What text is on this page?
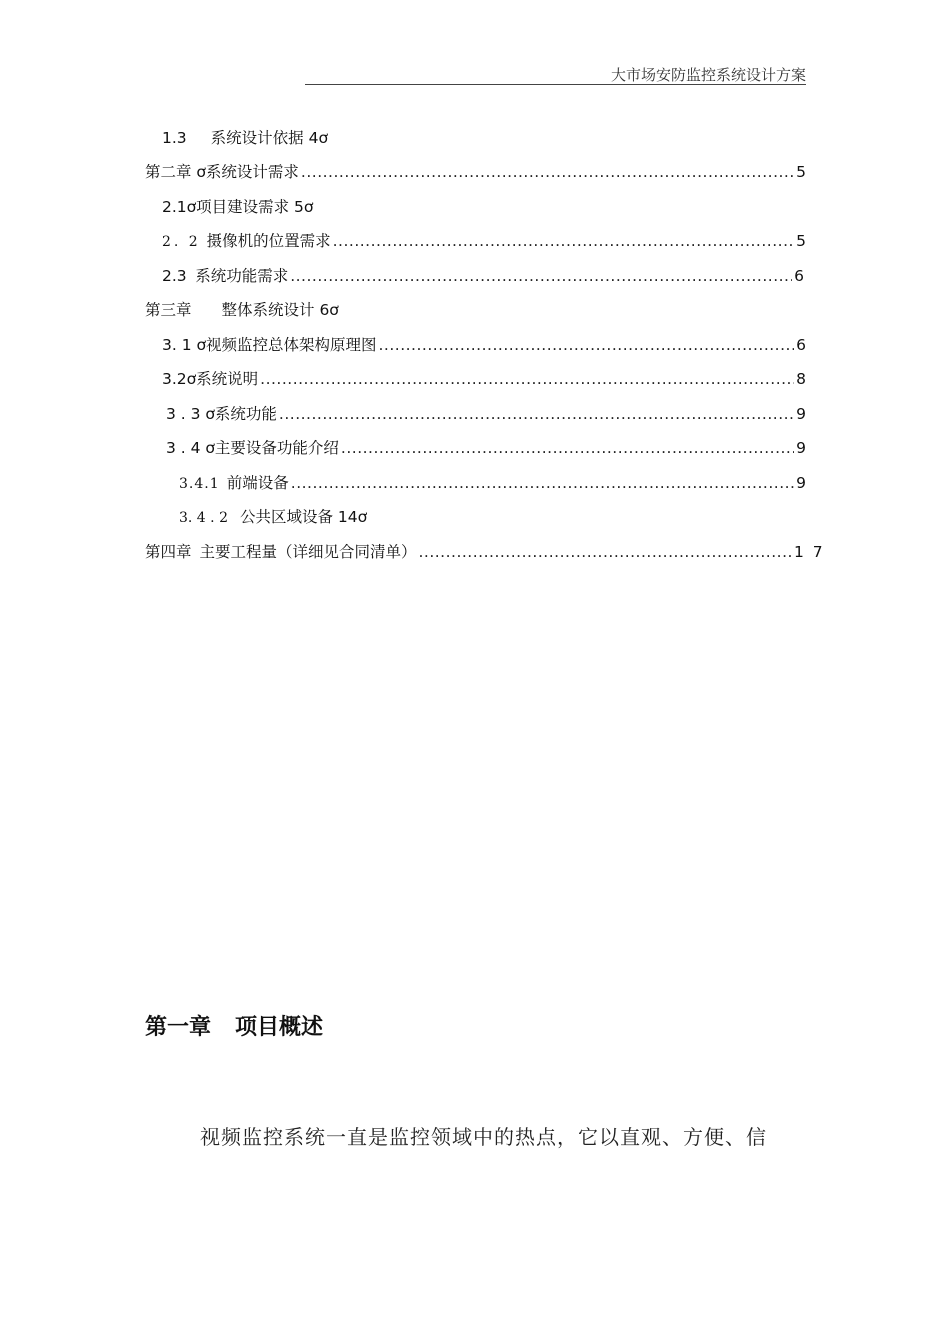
大市场安防监控系统设计方案
1.3 系统设计依据 4ơ
第二章 ơ系统设计需求 .....	5
2.1ơ项目建设需求 5ơ
2. 2 摄像机的位置需求 .....	5
2.3 系统功能需求 .....	6
第三章 整体系统设计 6ơ
3. 1 ơ视频监控总体架构原理图 .....	6
3.2ơ系统说明 .....	8
3 . 3 ơ系统功能 .....	9
3 . 4 ơ主要设备功能介绍 .....	9
3.4.1 前端设备 .....	9
3. 4 . 2 公共区域设备 14ơ
第四章 主要工程量（详细见合同清单） .....	1 7
第一章 项目概述
视频监控系统一直是监控领域中的热点，它以直观、方便、信
